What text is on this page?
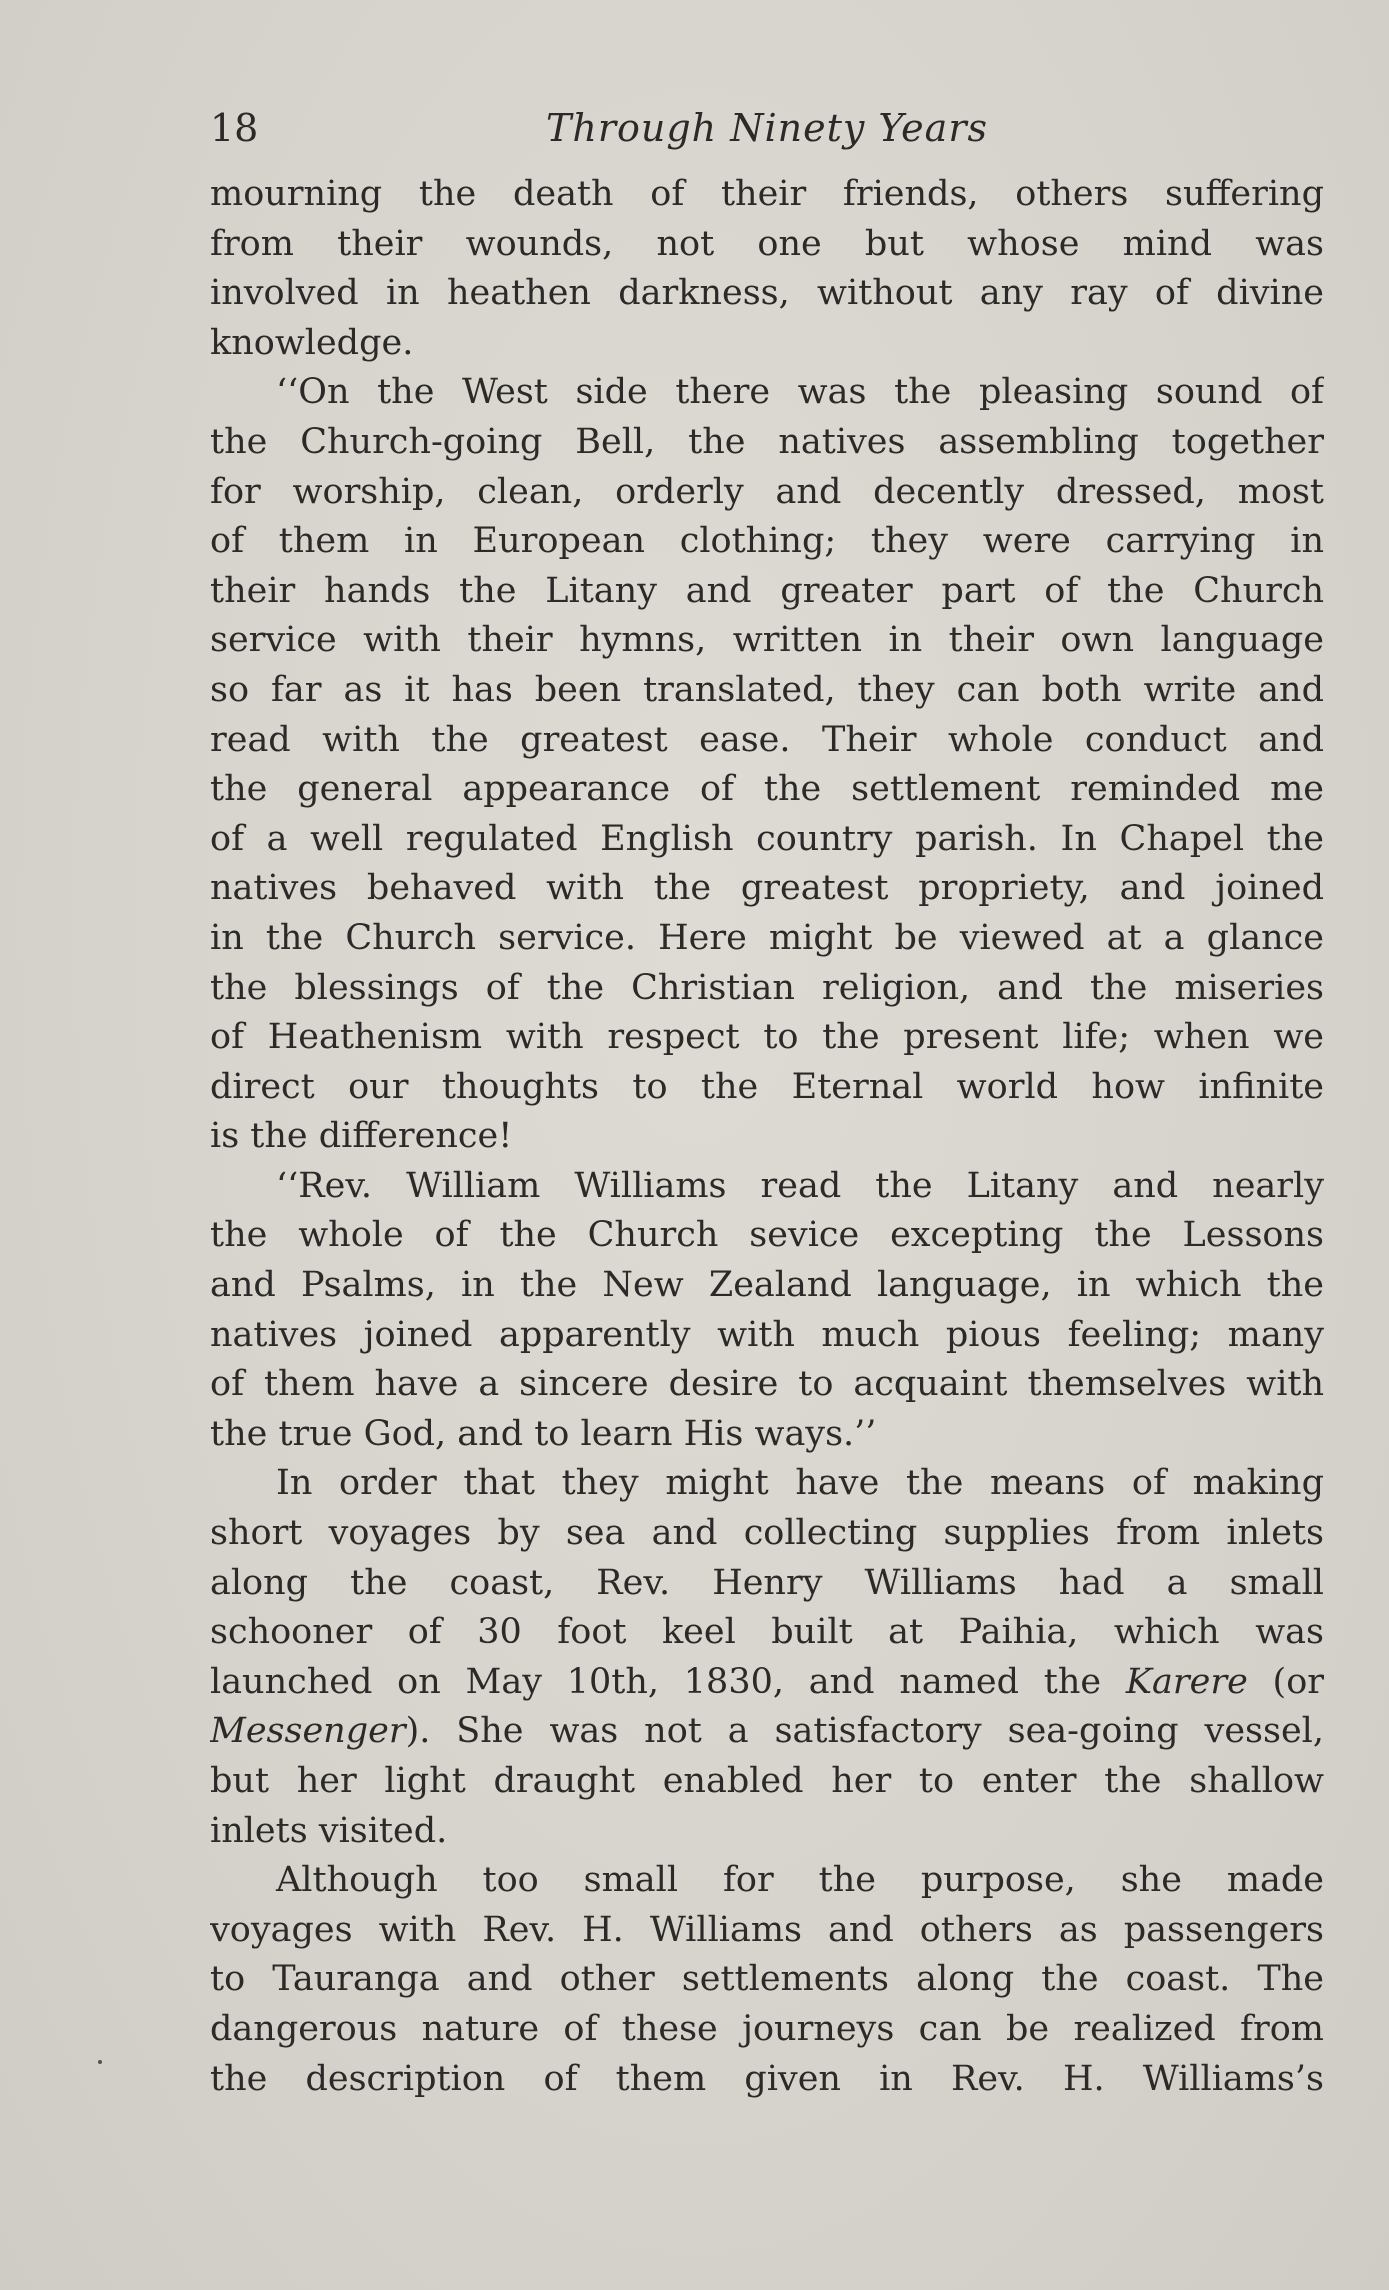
18	Through Ninety Years
mourning the death of their friends, others suffering
from their wounds, not one but whose mind was
involved in heathen darkness, without any ray of divine
knowledge.
‘‘On the West side there was the pleasing sound of
the Church-going Bell, the natives assembling together
for worship, clean, orderly and decently dressed, most
of them in European clothing; they were carrying in
their hands the Litany and greater part of the Church
service with their hymns, written in their own language
so far as it has been translated, they can both write and
read with the greatest ease. Their whole conduct and
the general appearance of the settlement reminded me
of a well regulated English country parish. In Chapel the
natives behaved with the greatest propriety, and joined
in the Church service. Here might be viewed at a glance
the blessings of the Christian religion, and the miseries
of Heathenism with respect to the present life; when we
direct our thoughts to the Eternal world how infinite
is the difference!
‘‘Rev. William Williams read the Litany and nearly
the whole of the Church sevice excepting the Lessons
and Psalms, in the New Zealand language, in which the
natives joined apparently with much pious feeling; many
of them have a sincere desire to acquaint themselves with
the true God, and to learn His ways.’’
In order that they might have the means of making
short voyages by sea and collecting supplies from inlets
along the coast, Rev. Henry Williams had a small
schooner of 30 foot keel built at Paihia, which was
launched on May 10th, 1830, and named the Karere (or
Messenger). She was not a satisfactory sea-going vessel,
but her light draught enabled her to enter the shallow
inlets visited.
Although too small for the purpose, she made
voyages with Rev. H. Williams and others as passengers
to Tauranga and other settlements along the coast. The
dangerous nature of these journeys can be realized from
the description of them given in Rev. H. Williams’s
